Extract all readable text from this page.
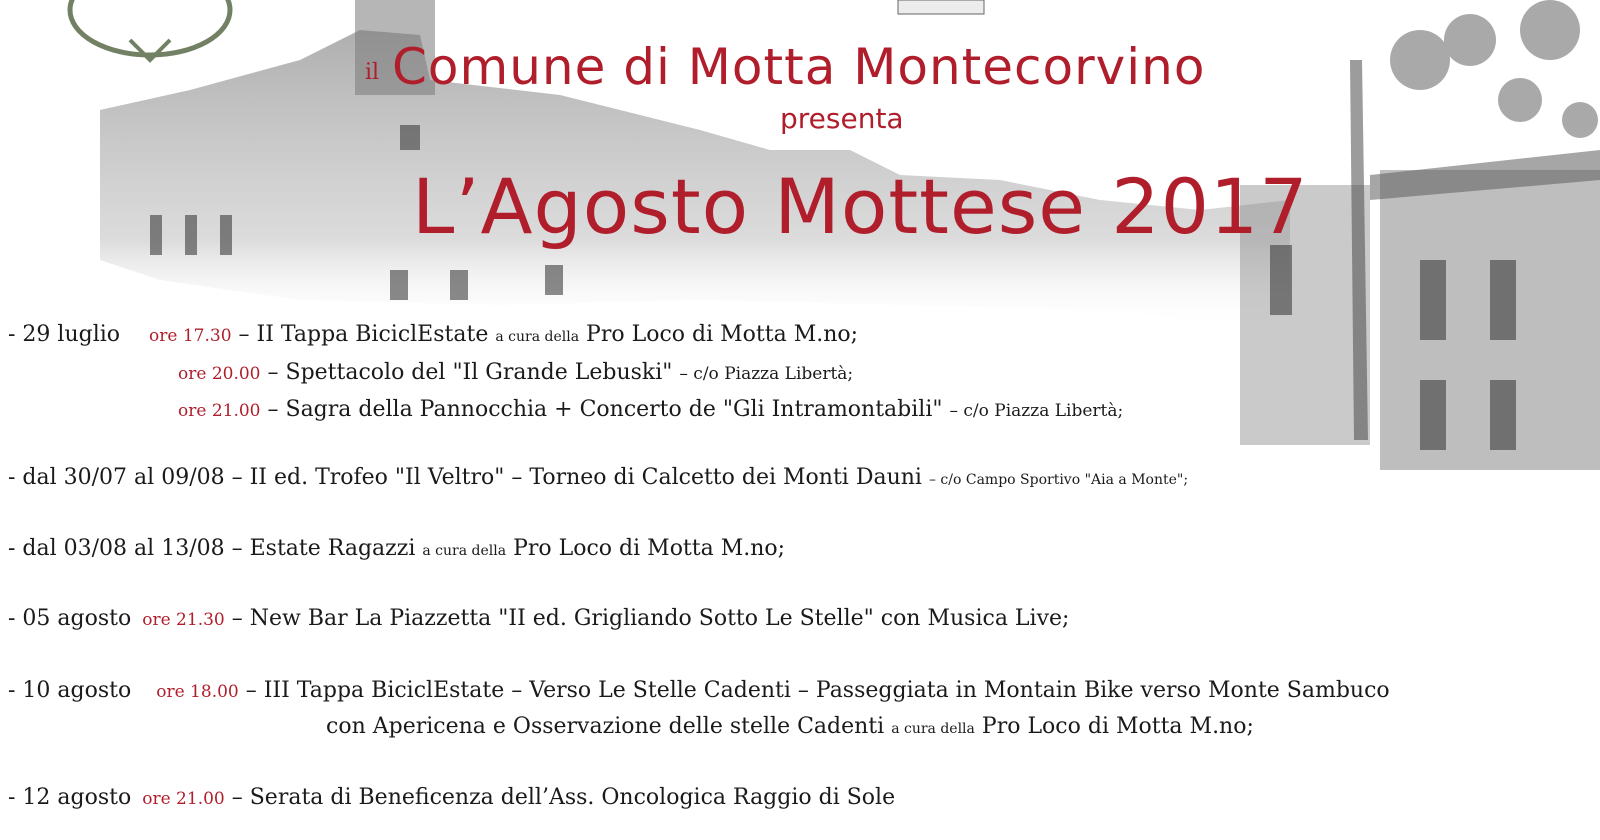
il Comune di Motta Montecorvino
presenta
L’Agosto Mottese 2017
- 29 luglio ore 17.30 – II Tappa BiciclEstate a cura della Pro Loco di Motta M.no;
ore 20.00 – Spettacolo del "Il Grande Lebuski" – c/o Piazza Libertà;
ore 21.00 – Sagra della Pannocchia + Concerto de "Gli Intramontabili" – c/o Piazza Libertà;
- dal 30/07 al 09/08 – II ed. Trofeo "Il Veltro" – Torneo di Calcetto dei Monti Dauni – c/o Campo Sportivo "Aia a Monte";
- dal 03/08 al 13/08 – Estate Ragazzi a cura della Pro Loco di Motta M.no;
- 05 agosto ore 21.30 – New Bar La Piazzetta "II ed. Grigliando Sotto Le Stelle" con Musica Live;
- 10 agosto ore 18.00 – III Tappa BiciclEstate – Verso Le Stelle Cadenti – Passeggiata in Montain Bike verso Monte Sambuco
con Apericena e Osservazione delle stelle Cadenti a cura della Pro Loco di Motta M.no;
- 12 agosto ore 21.00 – Serata di Beneficenza dell’Ass. Oncologica Raggio di Sole
